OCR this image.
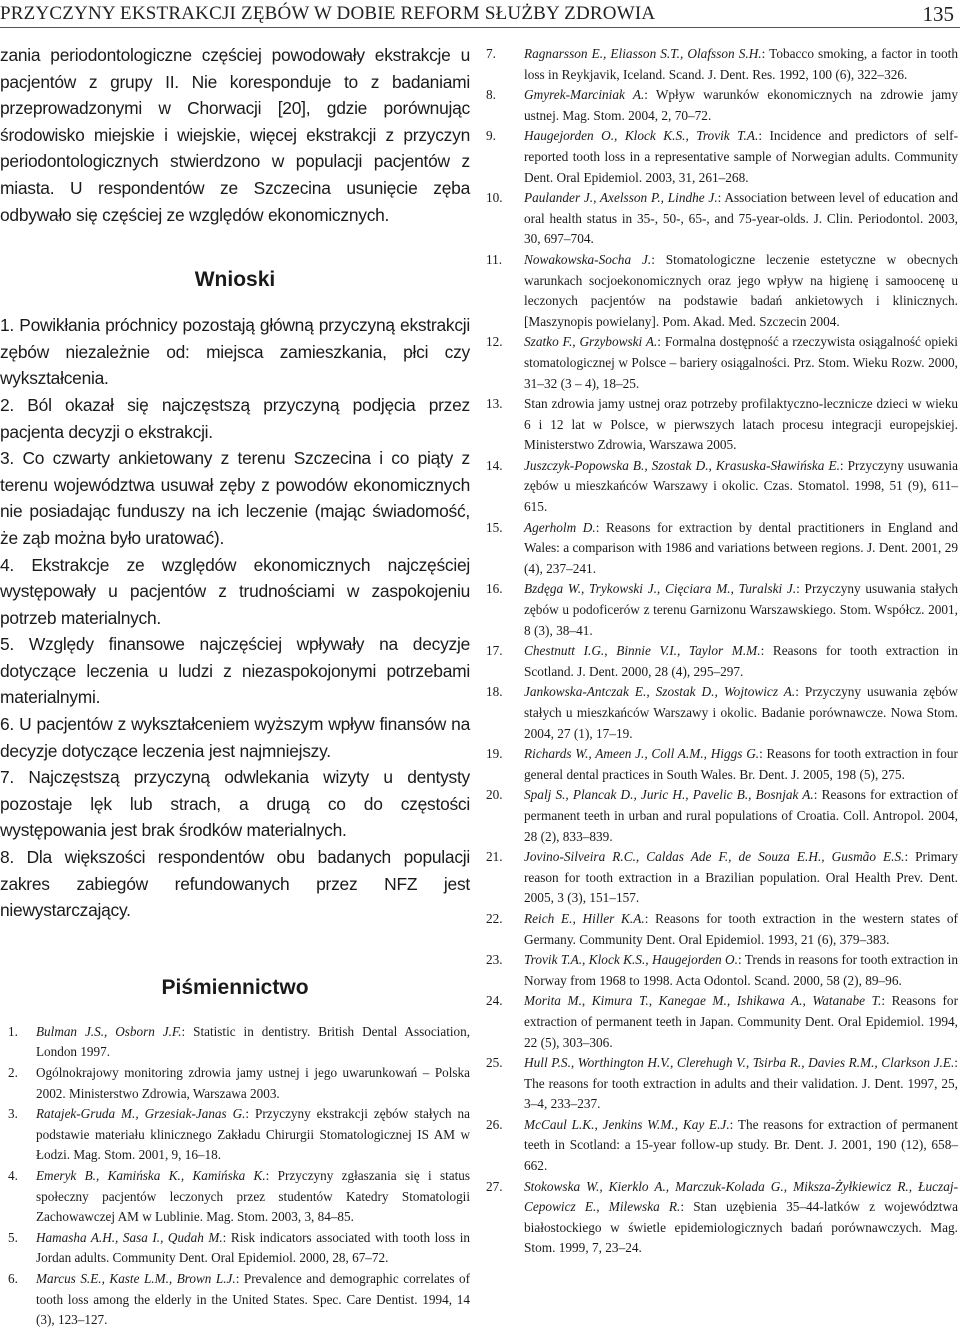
PRZYCZYNY EKSTRAKCJI ZĘBÓW W DOBIE REFORM SŁUŻBY ZDROWIA	135

zania periodontologiczne częściej powodowały ekstrakcje u pacjentów z grupy II. Nie koresponduje to z badaniami przeprowadzonymi w Chorwacji [20], gdzie porównując środowisko miejskie i wiejskie, więcej ekstrakcji z przyczyn periodontologicznych stwierdzono w populacji pacjentów z miasta. U respondentów ze Szczecina usunięcie zęba odbywało się częściej ze względów ekonomicznych.

Wnioski

1. Powikłania próchnicy pozostają główną przyczyną ekstrakcji zębów niezależnie od: miejsca zamieszkania, płci czy wykształcenia.

2. Ból okazał się najczęstszą przyczyną podjęcia przez pacjenta decyzji o ekstrakcji.

3. Co czwarty ankietowany z terenu Szczecina i co piąty z terenu województwa usuwał zęby z powodów ekonomicznych nie posiadając funduszy na ich leczenie (mając świadomość, że ząb można było uratować).

4. Ekstrakcje ze względów ekonomicznych najczęściej występowały u pacjentów z trudnościami w zaspokojeniu potrzeb materialnych.

5. Względy finansowe najczęściej wpływały na decyzje dotyczące leczenia u ludzi z niezaspokojonymi potrzebami materialnymi.

6. U pacjentów z wykształceniem wyższym wpływ finansów na decyzje dotyczące leczenia jest najmniejszy.

7. Najczęstszą przyczyną odwlekania wizyty u dentysty pozostaje lęk lub strach, a drugą co do częstości występowania jest brak środków materialnych.

8. Dla większości respondentów obu badanych populacji zakres zabiegów refundowanych przez NFZ jest niewystarczający.

Piśmiennictwo
1. Bulman J.S., Osborn J.F.: Statistic in dentistry. British Dental Association, London 1997.
2. Ogólnokrajowy monitoring zdrowia jamy ustnej i jego uwarunkowań – Polska 2002. Ministerstwo Zdrowia, Warszawa 2003.
3. Ratajek-Gruda M., Grzesiak-Janas G.: Przyczyny ekstrakcji zębów stałych na podstawie materiału klinicznego Zakładu Chirurgii Stomatologicznej IS AM w Łodzi. Mag. Stom. 2001, 9, 16–18.
4. Emeryk B., Kamińska K., Kamińska K.: Przyczyny zgłaszania się i status społeczny pacjentów leczonych przez studentów Katedry Stomatologii Zachowawczej AM w Lublinie. Mag. Stom. 2003, 3, 84–85.
5. Hamasha A.H., Sasa I., Qudah M.: Risk indicators associated with tooth loss in Jordan adults. Community Dent. Oral Epidemiol. 2000, 28, 67–72.
6. Marcus S.E., Kaste L.M., Brown L.J.: Prevalence and demographic correlates of tooth loss among the elderly in the United States. Spec. Care Dentist. 1994, 14 (3), 123–127.
7. Ragnarsson E., Eliasson S.T., Olafsson S.H.: Tobacco smoking, a factor in tooth loss in Reykjavik, Iceland. Scand. J. Dent. Res. 1992, 100 (6), 322–326.
8. Gmyrek-Marciniak A.: Wpływ warunków ekonomicznych na zdrowie jamy ustnej. Mag. Stom. 2004, 2, 70–72.
9. Haugejorden O., Klock K.S., Trovik T.A.: Incidence and predictors of self-reported tooth loss in a representative sample of Norwegian adults. Community Dent. Oral Epidemiol. 2003, 31, 261–268.
10. Paulander J., Axelsson P., Lindhe J.: Association between level of education and oral health status in 35-, 50-, 65-, and 75-year-olds. J. Clin. Periodontol. 2003, 30, 697–704.
11. Nowakowska-Socha J.: Stomatologiczne leczenie estetyczne w obecnych warunkach socjoekonomicznych oraz jego wpływ na higienę i samoocenę u leczonych pacjentów na podstawie badań ankietowych i klinicznych. [Maszynopis powielany]. Pom. Akad. Med. Szczecin 2004.
12. Szatko F., Grzybowski A.: Formalna dostępność a rzeczywista osiągalność opieki stomatologicznej w Polsce – bariery osiągalności. Prz. Stom. Wieku Rozw. 2000, 31–32 (3 – 4), 18–25.
13. Stan zdrowia jamy ustnej oraz potrzeby profilaktyczno-lecznicze dzieci w wieku 6 i 12 lat w Polsce, w pierwszych latach procesu integracji europejskiej. Ministerstwo Zdrowia, Warszawa 2005.
14. Juszczyk-Popowska B., Szostak D., Krasuska-Sławińska E.: Przyczyny usuwania zębów u mieszkańców Warszawy i okolic. Czas. Stomatol. 1998, 51 (9), 611–615.
15. Agerholm D.: Reasons for extraction by dental practitioners in England and Wales: a comparison with 1986 and variations between regions. J. Dent. 2001, 29 (4), 237–241.
16. Bzdęga W., Trykowski J., Cięciara M., Turalski J.: Przyczyny usuwania stałych zębów u podoficerów z terenu Garnizonu Warszawskiego. Stom. Współcz. 2001, 8 (3), 38–41.
17. Chestnutt I.G., Binnie V.I., Taylor M.M.: Reasons for tooth extraction in Scotland. J. Dent. 2000, 28 (4), 295–297.
18. Jankowska-Antczak E., Szostak D., Wojtowicz A.: Przyczyny usuwania zębów stałych u mieszkańców Warszawy i okolic. Badanie porównawcze. Nowa Stom. 2004, 27 (1), 17–19.
19. Richards W., Ameen J., Coll A.M., Higgs G.: Reasons for tooth extraction in four general dental practices in South Wales. Br. Dent. J. 2005, 198 (5), 275.
20. Spalj S., Plancak D., Juric H., Pavelic B., Bosnjak A.: Reasons for extraction of permanent teeth in urban and rural populations of Croatia. Coll. Antropol. 2004, 28 (2), 833–839.
21. Jovino-Silveira R.C., Caldas Ade F., de Souza E.H., Gusmão E.S.: Primary reason for tooth extraction in a Brazilian population. Oral Health Prev. Dent. 2005, 3 (3), 151–157.
22. Reich E., Hiller K.A.: Reasons for tooth extraction in the western states of Germany. Community Dent. Oral Epidemiol. 1993, 21 (6), 379–383.
23. Trovik T.A., Klock K.S., Haugejorden O.: Trends in reasons for tooth extraction in Norway from 1968 to 1998. Acta Odontol. Scand. 2000, 58 (2), 89–96.
24. Morita M., Kimura T., Kanegae M., Ishikawa A., Watanabe T.: Reasons for extraction of permanent teeth in Japan. Community Dent. Oral Epidemiol. 1994, 22 (5), 303–306.
25. Hull P.S., Worthington H.V., Clerehugh V., Tsirba R., Davies R.M., Clarkson J.E.: The reasons for tooth extraction in adults and their validation. J. Dent. 1997, 25, 3–4, 233–237.
26. McCaul L.K., Jenkins W.M., Kay E.J.: The reasons for extraction of permanent teeth in Scotland: a 15-year follow-up study. Br. Dent. J. 2001, 190 (12), 658–662.
27. Stokowska W., Kierklo A., Marczuk-Kolada G., Miksza-Żyłkiewicz R., Łuczaj-Cepowicz E., Milewska R.: Stan uzębienia 35–44-latków z województwa białostockiego w świetle epidemiologicznych badań porównawczych. Mag. Stom. 1999, 7, 23–24.
